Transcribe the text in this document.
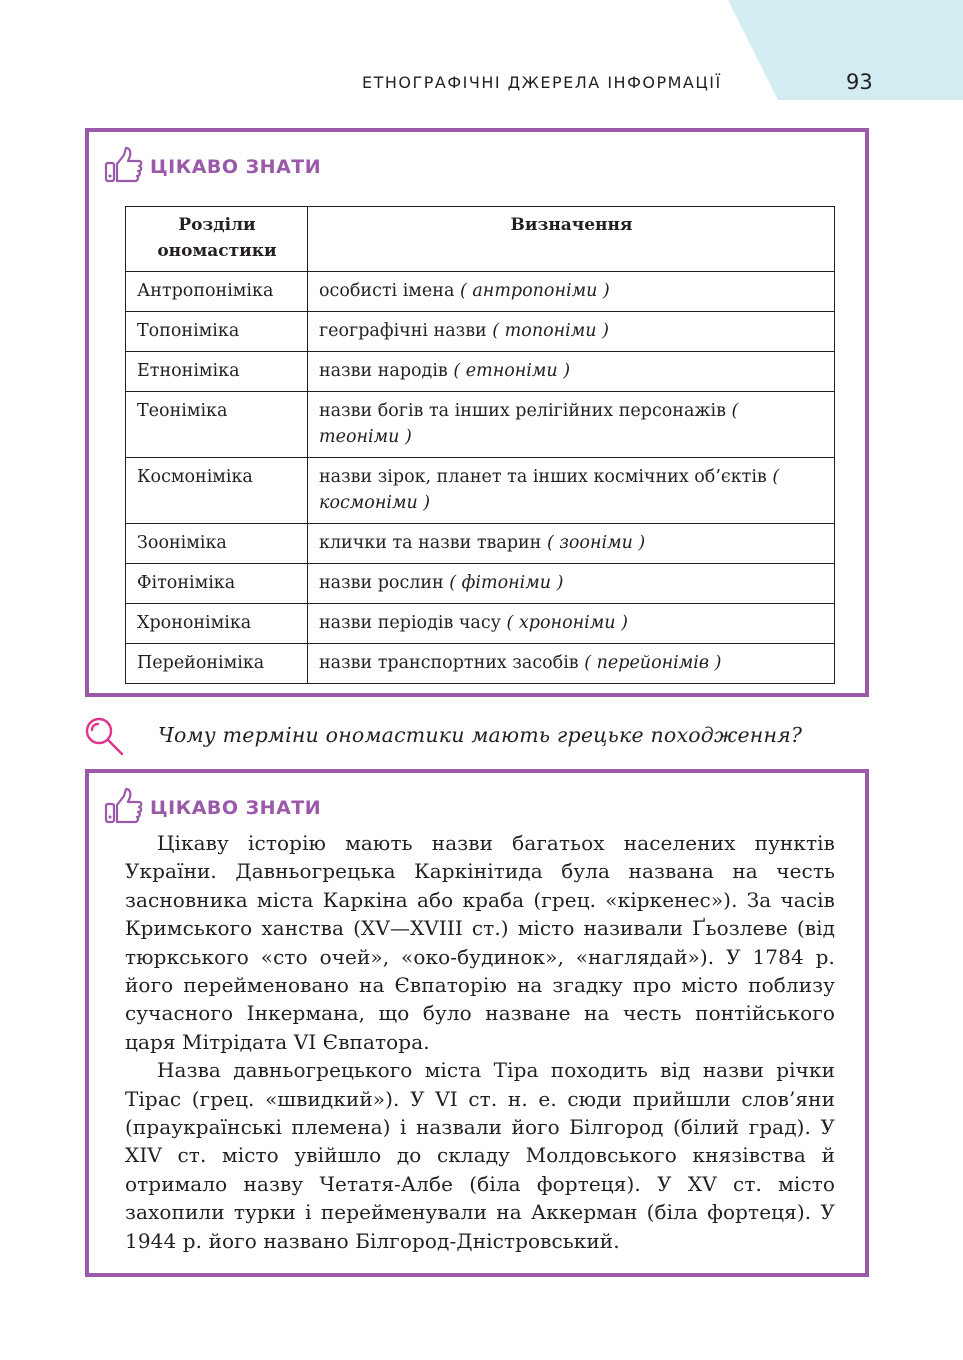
ЕТНОГРАФІЧНІ ДЖЕРЕЛА ІНФОРМАЦІЇ	93
ЦІКАВО ЗНАТИ
Розділи ономастики	Визначення
Антропоніміка	особисті імена ( антропоніми )
Топоніміка	географічні назви ( топоніми )
Етноніміка	назви народів ( етноніми )
Теоніміка	назви богів та інших релігійних персонажів ( теоніми )
Космоніміка	назви зірок, планет та інших космічних об’єктів ( космоніми )
Зоонiміка	клички та назви тварин ( зооніми )
Фітоніміка	назви рослин ( фітоніми )
Хрононіміка	назви періодів часу ( хрононіми )
Перейоніміка	назви транспортних засобів ( перейонімів )
Чому терміни ономастики мають грецьке походження?
ЦІКАВО ЗНАТИ

Цікаву історію мають назви багатьох населених пунктів України. Давньогрецька Каркінітида була названа на честь засновника міста Каркіна або краба (грец. «кіркенес»). За часів Кримського ханства (XV—XVIII ст.) місто називали Ґьозлеве (від тюркського «сто очей», «око-будинок», «наглядай»). У 1784 р. його перейменовано на Євпаторію на згадку про місто поблизу сучасного Інкермана, що було назване на честь понтійського царя Мітрідата VI Євпатора.

Назва давньогрецького міста Тіра походить від назви річки Тірас (грец. «швидкий»). У VI ст. н. е. сюди прийшли слов’яни (праукраїнські племена) і назвали його Білгород (білий град). У XIV ст. місто увійшло до складу Молдовського князівства й отримало назву Четатя-Албе (біла фортеця). У XV ст. місто захопили турки і перейменували на Аккерман (біла фортеця). У 1944 р. його названо Білгород-Дністровський.
